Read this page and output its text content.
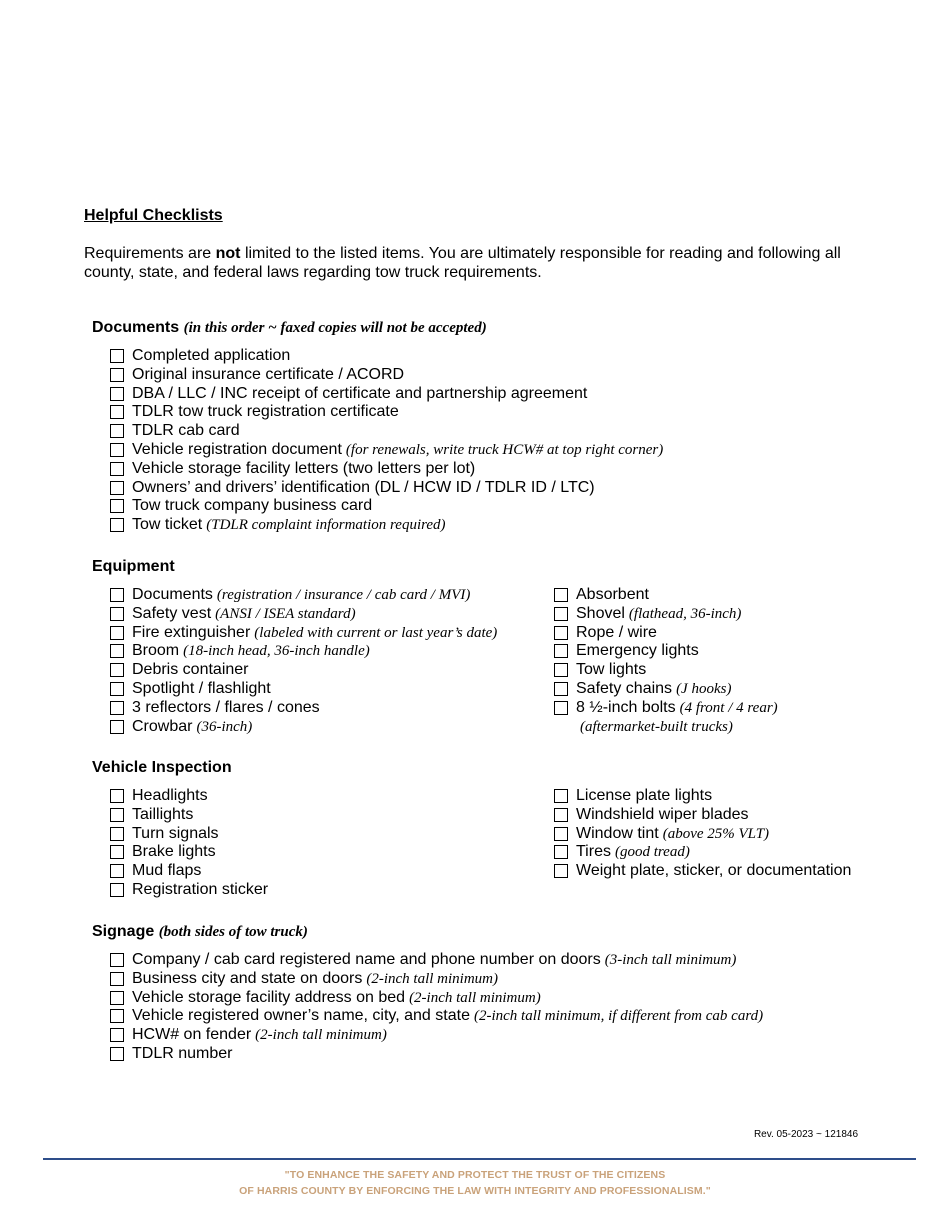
Helpful Checklists
Requirements are not limited to the listed items. You are ultimately responsible for reading and following all county, state, and federal laws regarding tow truck requirements.
Documents (in this order ~ faxed copies will not be accepted)
Completed application
Original insurance certificate / ACORD
DBA / LLC / INC receipt of certificate and partnership agreement
TDLR tow truck registration certificate
TDLR cab card
Vehicle registration document (for renewals, write truck HCW# at top right corner)
Vehicle storage facility letters (two letters per lot)
Owners’ and drivers’ identification (DL / HCW ID / TDLR ID / LTC)
Tow truck company business card
Tow ticket (TDLR complaint information required)
Equipment
Documents (registration / insurance / cab card / MVI)
Safety vest (ANSI / ISEA standard)
Fire extinguisher (labeled with current or last year’s date)
Broom (18-inch head, 36-inch handle)
Debris container
Spotlight / flashlight
3 reflectors / flares / cones
Crowbar (36-inch)
Absorbent
Shovel (flathead, 36-inch)
Rope / wire
Emergency lights
Tow lights
Safety chains (J hooks)
8 ½-inch bolts (4 front / 4 rear)
(aftermarket-built trucks)
Vehicle Inspection
Headlights
Taillights
Turn signals
Brake lights
Mud flaps
Registration sticker
License plate lights
Windshield wiper blades
Window tint (above 25% VLT)
Tires (good tread)
Weight plate, sticker, or documentation
Signage (both sides of tow truck)
Company / cab card registered name and phone number on doors (3-inch tall minimum)
Business city and state on doors (2-inch tall minimum)
Vehicle storage facility address on bed (2-inch tall minimum)
Vehicle registered owner’s name, city, and state (2-inch tall minimum, if different from cab card)
HCW# on fender (2-inch tall minimum)
TDLR number
Rev. 05-2023 ~ 121846
"TO ENHANCE THE SAFETY AND PROTECT THE TRUST OF THE CITIZENS
OF HARRIS COUNTY BY ENFORCING THE LAW WITH INTEGRITY AND PROFESSIONALISM."
